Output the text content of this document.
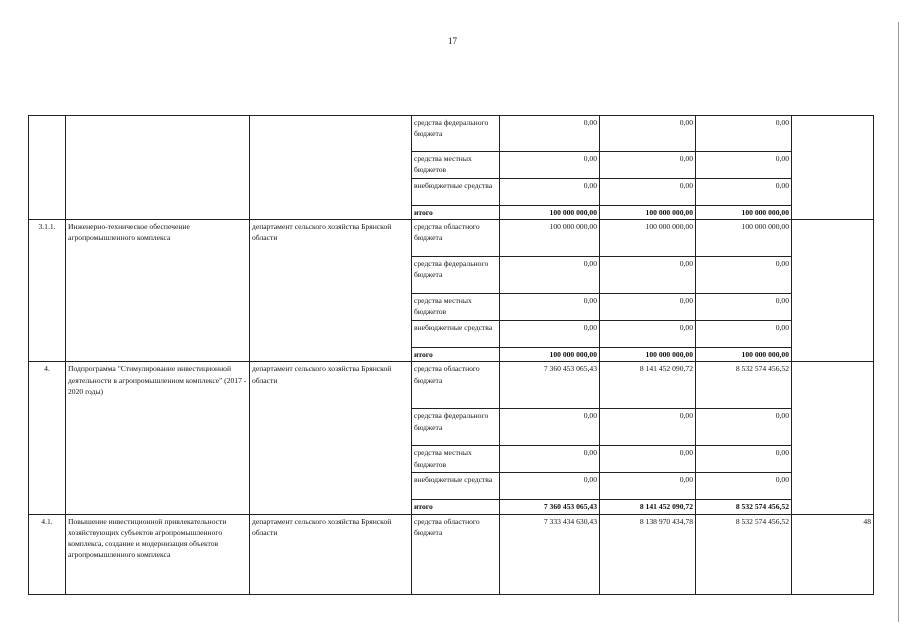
17
			средства федерального бюджета	0,00	0,00	0,00	
			средства местных бюджетов	0,00	0,00	0,00	
			внебюджетные средства	0,00	0,00	0,00	
			итого	100 000 000,00	100 000 000,00	100 000 000,00	
3.1.1.	Инженерно-техническое обеспечение агропромышленного комплекса	департамент сельского хозяйства Брянской области	средства областного бюджета	100 000 000,00	100 000 000,00	100 000 000,00	
			средства федерального бюджета	0,00	0,00	0,00	
			средства местных бюджетов	0,00	0,00	0,00	
			внебюджетные средства	0,00	0,00	0,00	
			итого	100 000 000,00	100 000 000,00	100 000 000,00	
4.	Подпрограмма "Стимулирование инвестиционной деятельности в агропромышленном комплексе" (2017 - 2020 годы)	департамент сельского хозяйства Брянской области	средства областного бюджета	7 360 453 065,43	8 141 452 090,72	8 532 574 456,52	
			средства федерального бюджета	0,00	0,00	0,00	
			средства местных бюджетов	0,00	0,00	0,00	
			внебюджетные средства	0,00	0,00	0,00	
			итого	7 360 453 065,43	8 141 452 090,72	8 532 574 456,52	
4.1.	Повышение инвестиционной привлекательности хозяйствующих субъектов агропромышленного комплекса, создание и модернизация объектов агропромышленного комплекса	департамент сельского хозяйства Брянской области	средства областного бюджета	7 333 434 630,43	8 138 970 434,78	8 532 574 456,52	48
